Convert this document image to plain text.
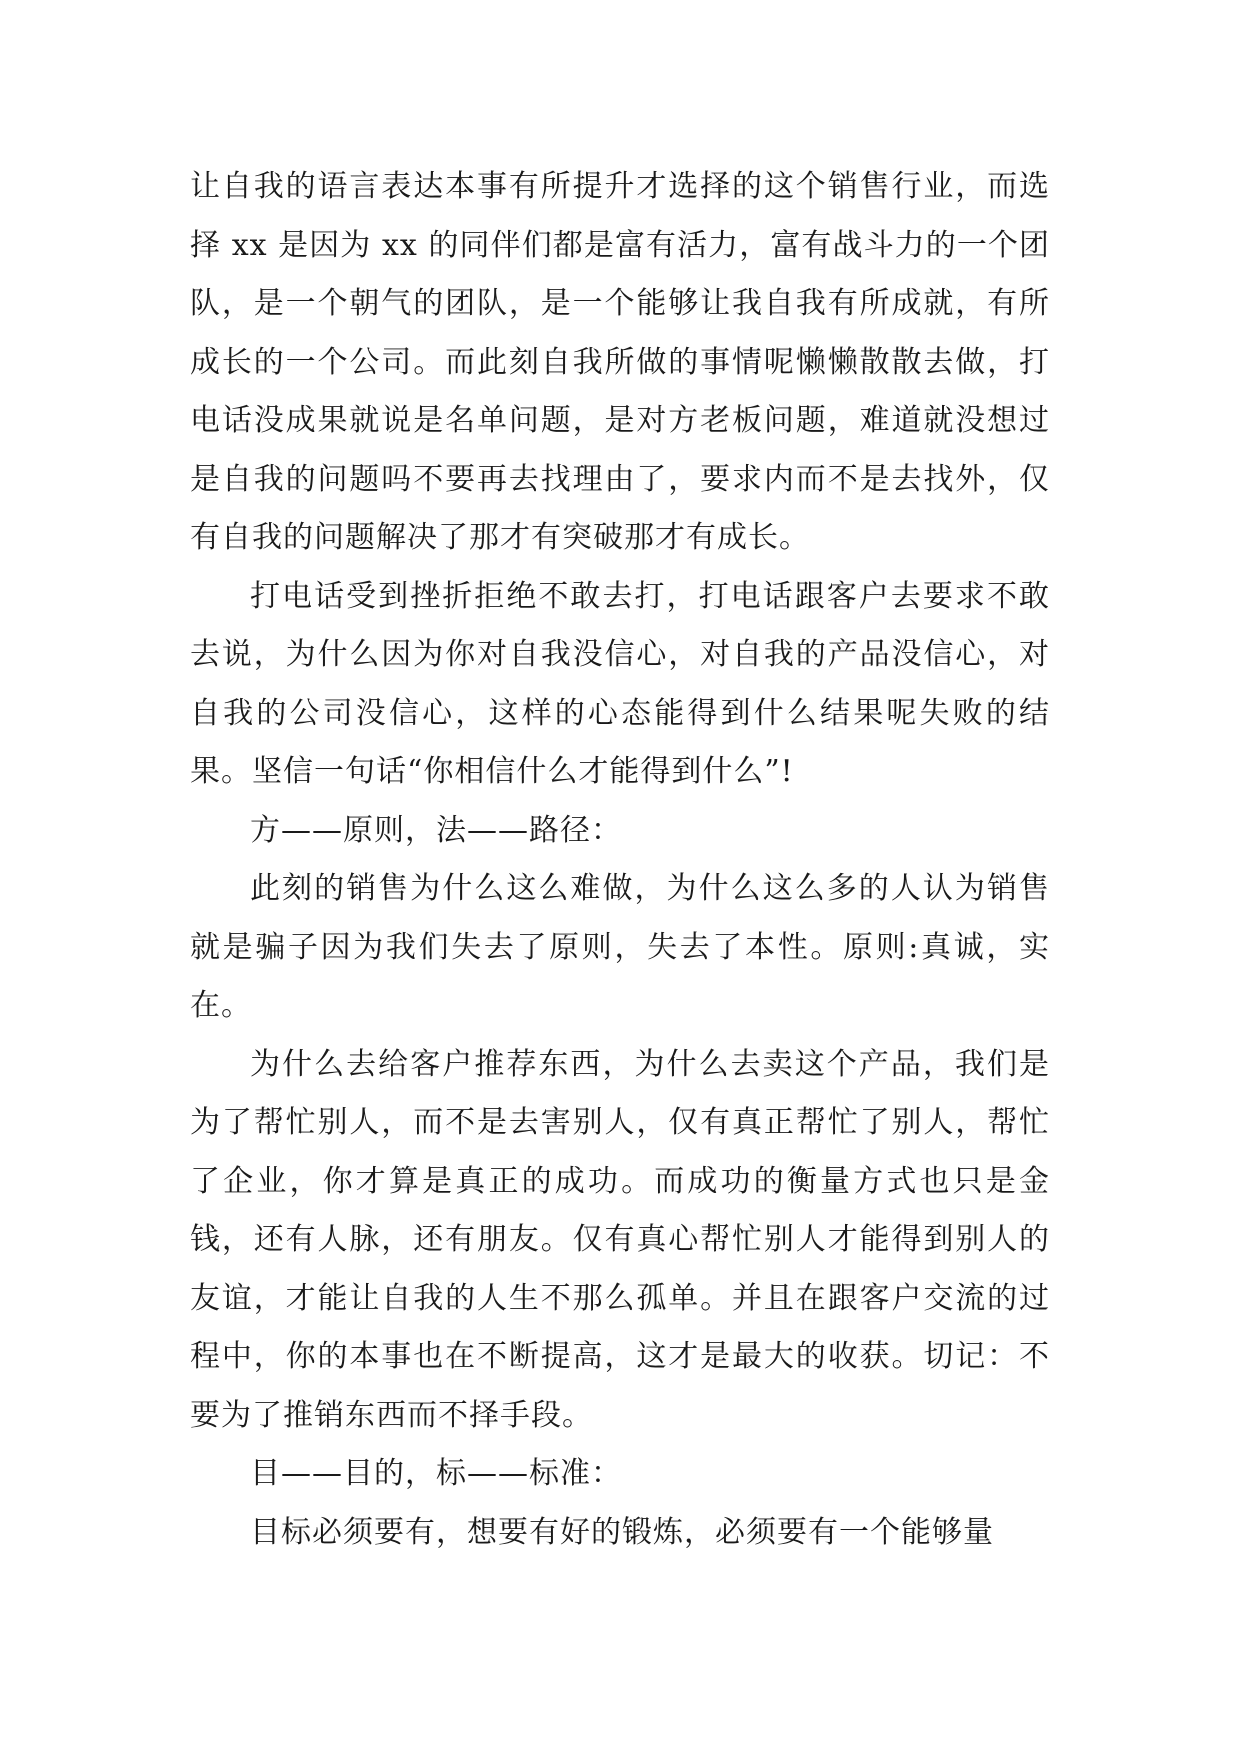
让自我的语言表达本事有所提升才选择的这个销售行业，而选择 xx 是因为 xx 的同伴们都是富有活力，富有战斗力的一个团队，是一个朝气的团队，是一个能够让我自我有所成就，有所成长的一个公司。而此刻自我所做的事情呢懒懒散散去做，打电话没成果就说是名单问题，是对方老板问题，难道就没想过是自我的问题吗不要再去找理由了，要求内而不是去找外，仅有自我的问题解决了那才有突破那才有成长。

打电话受到挫折拒绝不敢去打，打电话跟客户去要求不敢去说，为什么因为你对自我没信心，对自我的产品没信心，对自我的公司没信心，这样的心态能得到什么结果呢失败的结果。坚信一句话“你相信什么才能得到什么”!

方——原则，法——路径：

此刻的销售为什么这么难做，为什么这么多的人认为销售就是骗子因为我们失去了原则，失去了本性。原则:真诚，实在。

为什么去给客户推荐东西，为什么去卖这个产品，我们是为了帮忙别人，而不是去害别人，仅有真正帮忙了别人，帮忙了企业，你才算是真正的成功。而成功的衡量方式也只是金钱，还有人脉，还有朋友。仅有真心帮忙别人才能得到别人的友谊，才能让自我的人生不那么孤单。并且在跟客户交流的过程中，你的本事也在不断提高，这才是最大的收获。切记：不要为了推销东西而不择手段。

目——目的，标——标准：

目标必须要有，想要有好的锻炼，必须要有一个能够量
